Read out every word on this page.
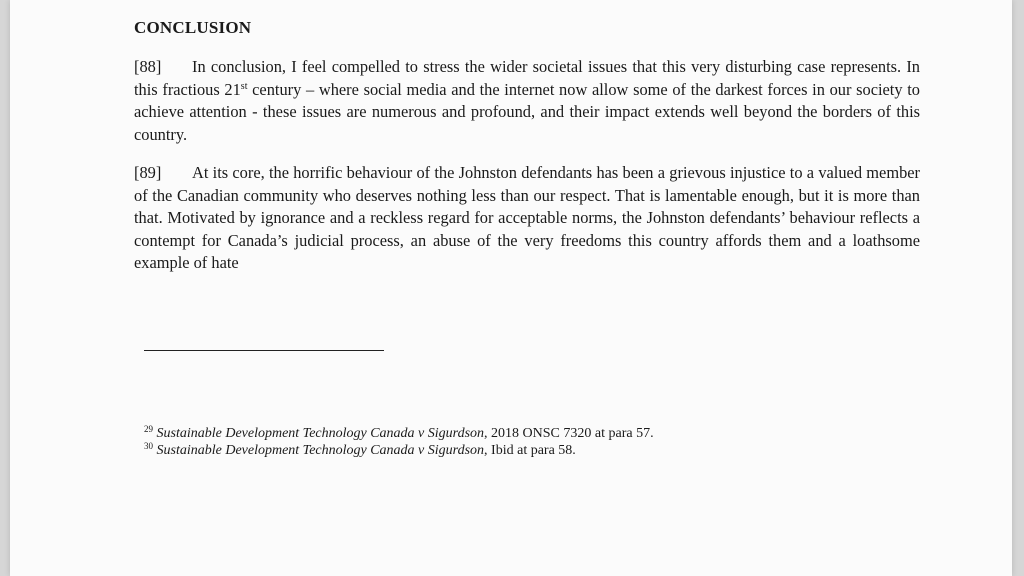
CONCLUSION

[88] In conclusion, I feel compelled to stress the wider societal issues that this very disturbing case represents. In this fractious 21st century – where social media and the internet now allow some of the darkest forces in our society to achieve attention - these issues are numerous and profound, and their impact extends well beyond the borders of this country.

[89] At its core, the horrific behaviour of the Johnston defendants has been a grievous injustice to a valued member of the Canadian community who deserves nothing less than our respect. That is lamentable enough, but it is more than that. Motivated by ignorance and a reckless regard for acceptable norms, the Johnston defendants’ behaviour reflects a contempt for Canada’s judicial process, an abuse of the very freedoms this country affords them and a loathsome example of hate

$^{29}$ Sustainable Development Technology Canada v Sigurdson, 2018 ONSC 7320 at para 57.
$^{30}$ Sustainable Development Technology Canada v Sigurdson, Ibid at para 58.
